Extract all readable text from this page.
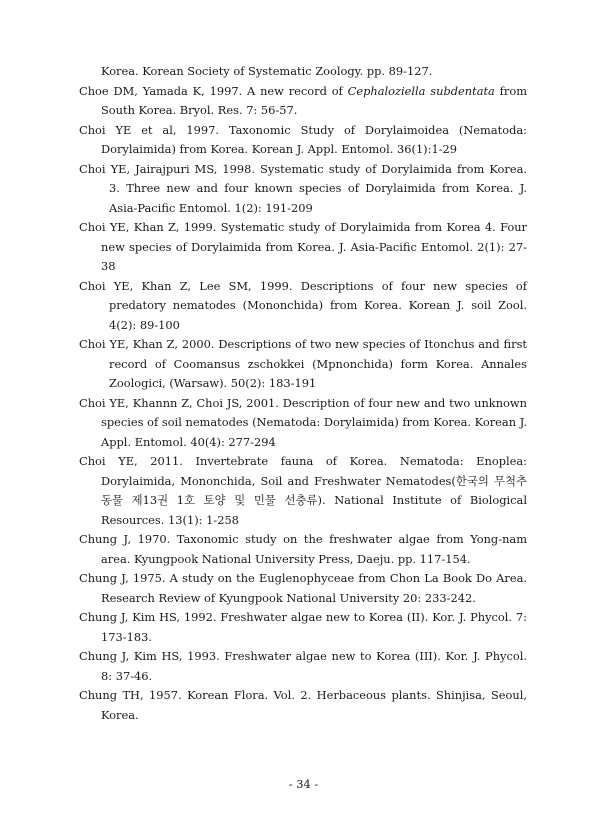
Korea. Korean Society of Systematic Zoology. pp. 89-127.
Choe DM, Yamada K, 1997. A new record of Cephaloziella subdentata from South Korea. Bryol. Res. 7: 56-57.
Choi YE et al, 1997. Taxonomic Study of Dorylaimoidea (Nematoda: Dorylaimida) from Korea. Korean J. Appl. Entomol. 36(1):1-29
Choi YE, Jairajpuri MS, 1998. Systematic study of Dorylaimida from Korea. 3. Three new and four known species of Dorylaimida from Korea. J. Asia-Pacific Entomol. 1(2): 191-209
Choi YE, Khan Z, 1999. Systematic study of Dorylaimida from Korea 4. Four new species of Dorylaimida from Korea. J. Asia-Pacific Entomol. 2(1): 27-38
Choi YE, Khan Z, Lee SM, 1999. Descriptions of four new species of predatory nematodes (Mononchida) from Korea. Korean J. soil Zool. 4(2): 89-100
Choi YE, Khan Z, 2000. Descriptions of two new species of Itonchus and first record of Coomansus zschokkei (Mpnonchida) form Korea. Annales Zoologici, (Warsaw). 50(2): 183-191
Choi YE, Khannn Z, Choi JS, 2001. Description of four new and two unknown species of soil nematodes (Nematoda: Dorylaimida) from Korea. Korean J. Appl. Entomol. 40(4): 277-294
Choi YE, 2011. Invertebrate fauna of Korea. Nematoda: Enoplea: Dorylaimida, Mononchida, Soil and Freshwater Nematodes(한국의 무척추동물 제13권 1호 토양 및 민물 선충류). National Institute of Biological Resources. 13(1): 1-258
Chung J, 1970. Taxonomic study on the freshwater algae from Yong-nam area. Kyungpook National University Press, Daeju. pp. 117-154.
Chung J, 1975. A study on the Euglenophyceae from Chon La Book Do Area. Research Review of Kyungpook National University 20: 233-242.
Chung J, Kim HS, 1992. Freshwater algae new to Korea (II). Kor. J. Phycol. 7: 173-183.
Chung J, Kim HS, 1993. Freshwater algae new to Korea (III). Kor. J. Phycol. 8: 37-46.
Chung TH, 1957. Korean Flora. Vol. 2. Herbaceous plants. Shinjisa, Seoul, Korea.
- 34 -
